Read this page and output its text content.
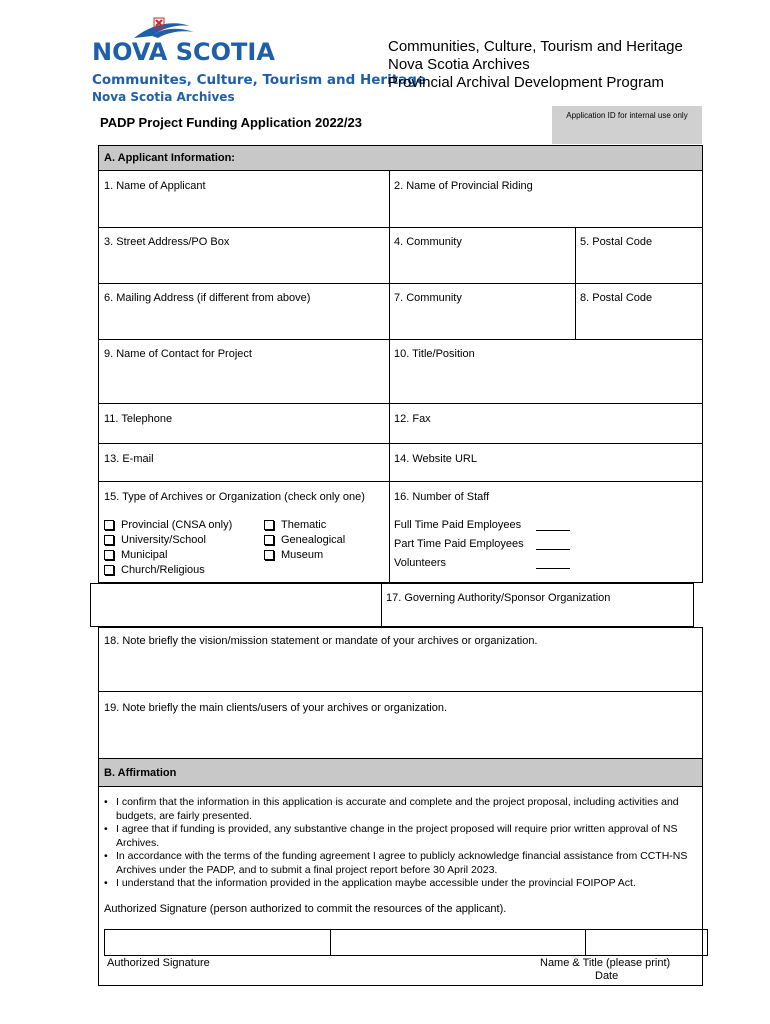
NOVA SCOTIA
Communites, Culture, Tourism and Heritage
Nova Scotia Archives
Communities, Culture, Tourism and Heritage
Nova Scotia Archives
Provincial Archival Development Program
PADP Project Funding Application 2022/23	Application ID for internal use only
A. Applicant Information:
1. Name of Applicant	2. Name of Provincial Riding
3. Street Address/PO Box	4. Community	5. Postal Code
6. Mailing Address (if different from above)	7. Community	8. Postal Code
9. Name of Contact for Project	10. Title/Position
11. Telephone	12. Fax
13. E-mail	14. Website URL
15. Type of Archives or Organization (check only one)	16. Number of Staff
Provincial (CNSA only)
University/School
Municipal
Church/Religious
Thematic
Genealogical
Museum
Full Time Paid Employees
Part Time Paid Employees
Volunteers
17. Governing Authority/Sponsor Organization
18. Note briefly the vision/mission statement or mandate of your archives or organization.
19. Note briefly the main clients/users of your archives or organization.
B. Affirmation
• I confirm that the information in this application is accurate and complete and the project proposal, including activities and budgets, are fairly presented.
• I agree that if funding is provided, any substantive change in the project proposed will require prior written approval of NS Archives.
• In accordance with the terms of the funding agreement I agree to publicly acknowledge financial assistance from CCTH-NS Archives under the PADP, and to submit a final project report before 30 April 2023.
• I understand that the information provided in the application maybe accessible under the provincial FOIPOP Act.
Authorized Signature (person authorized to commit the resources of the applicant).
Authorized Signature	Name & Title (please print)
Date
